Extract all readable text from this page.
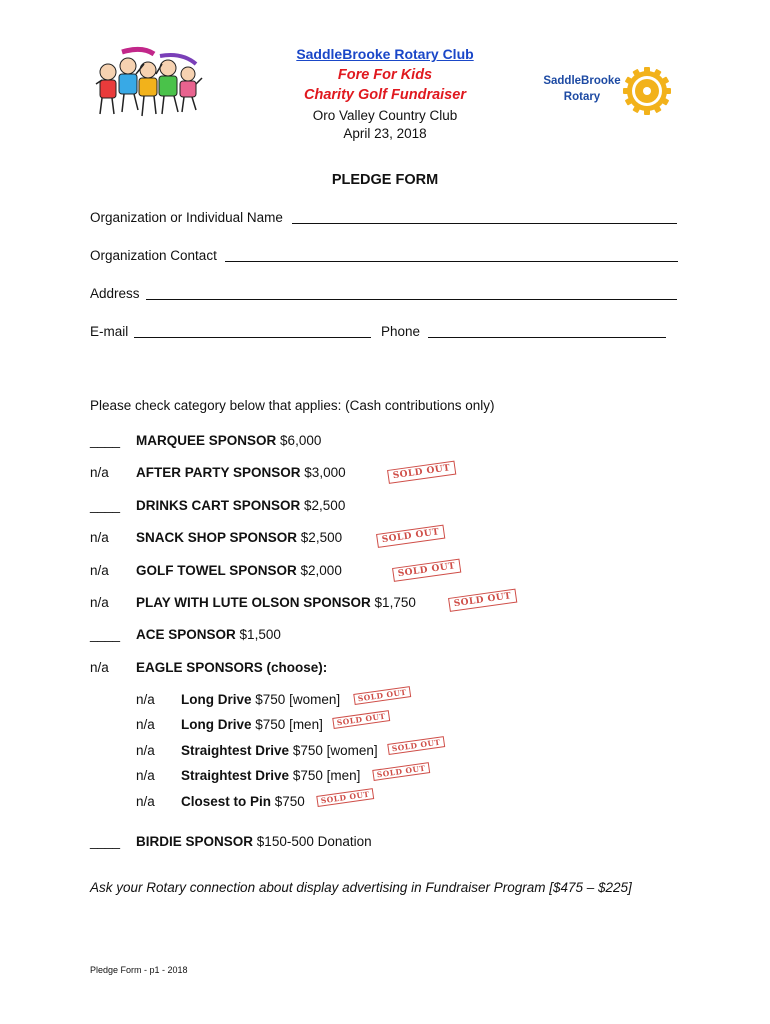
SaddleBrooke Rotary Club
Fore For Kids
Charity Golf Fundraiser
Oro Valley Country Club
April 23, 2018
SaddleBrooke
Rotary
PLEDGE FORM
Organization or Individual Name
Organization Contact
Address
E-mail	Phone
Please check category below that applies: (Cash contributions only)
____	MARQUEE SPONSOR $6,000
n/a	AFTER PARTY SPONSOR $3,000	SOLD OUT
____	DRINKS CART SPONSOR $2,500
n/a	SNACK SHOP SPONSOR $2,500	SOLD OUT
n/a	GOLF TOWEL SPONSOR $2,000	SOLD OUT
n/a	PLAY WITH LUTE OLSON SPONSOR $1,750	SOLD OUT
____	ACE SPONSOR $1,500
n/a	EAGLE SPONSORS (choose):
n/a Long Drive $750 [women]	SOLD OUT
n/a Long Drive $750 [men]	SOLD OUT
n/a Straightest Drive $750 [women]	SOLD OUT
n/a Straightest Drive $750 [men]	SOLD OUT
n/a Closest to Pin $750	SOLD OUT
____	BIRDIE SPONSOR $150-500 Donation
Ask your Rotary connection about display advertising in Fundraiser Program [$475 – $225]
Pledge Form - p1 - 2018
